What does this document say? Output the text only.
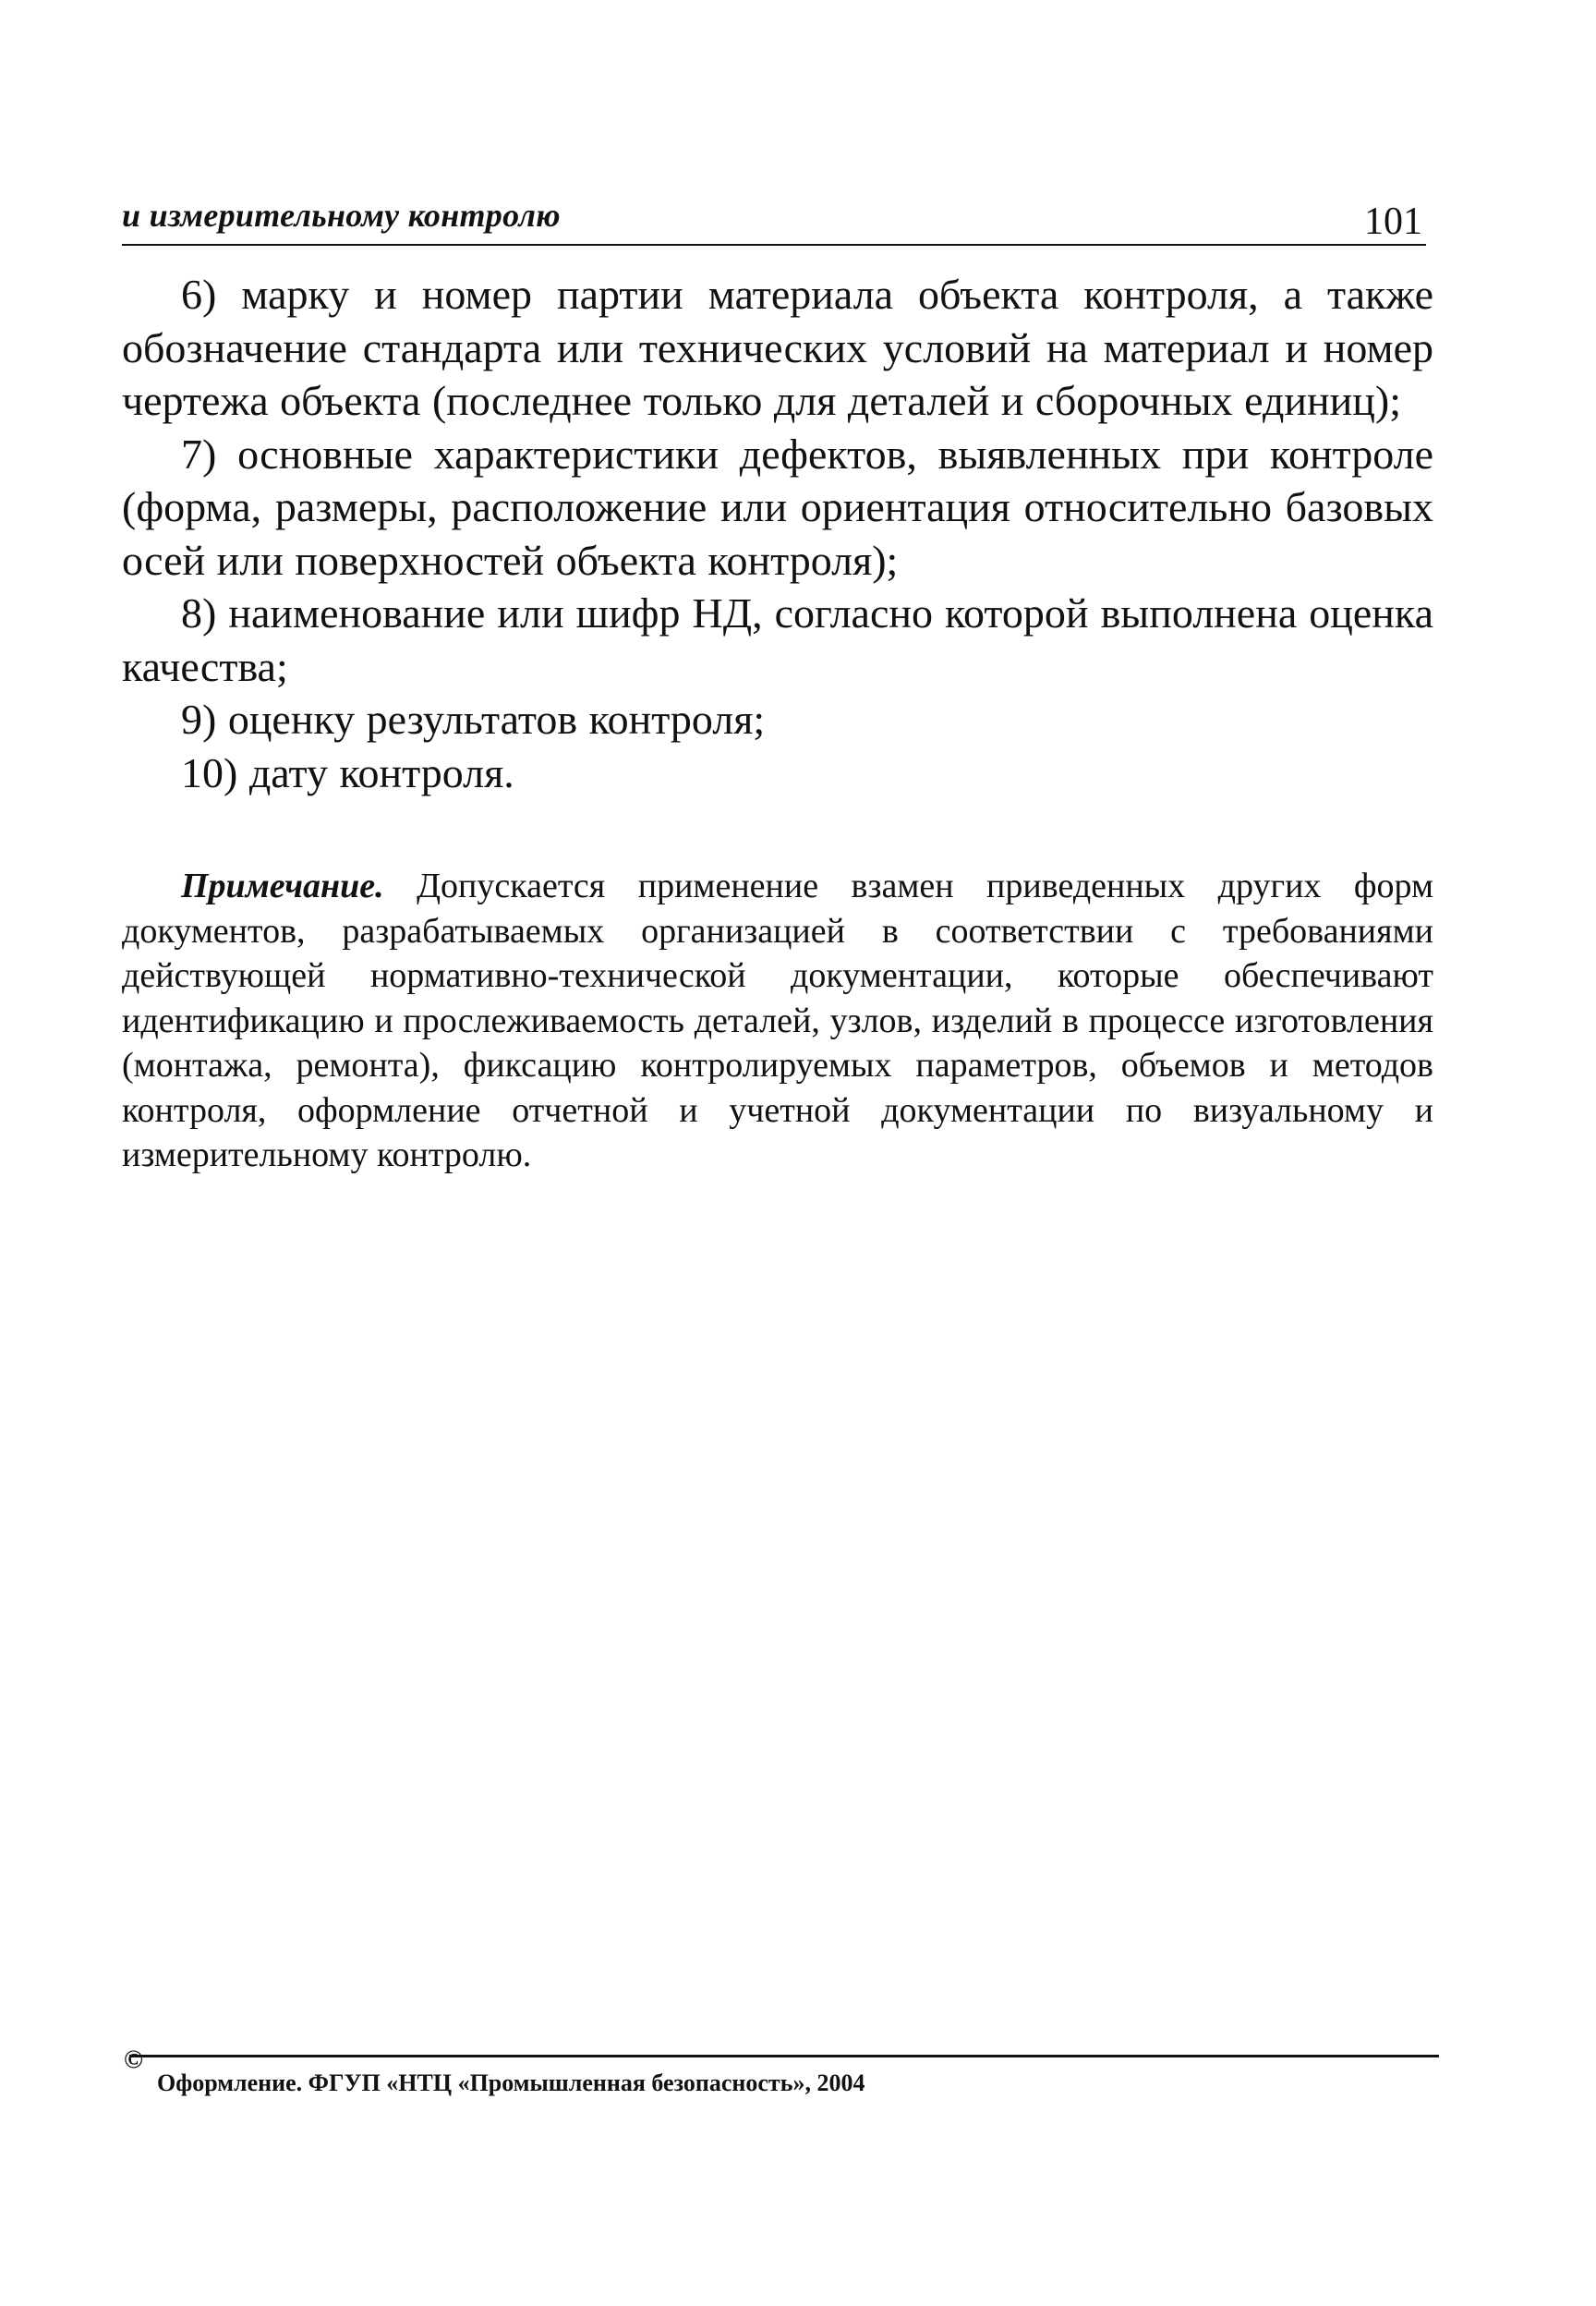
и измерительному контролю	101

6) марку и номер партии материала объекта контроля, а также обозначение стандарта или технических условий на материал и номер чертежа объекта (последнее только для деталей и сборочных единиц);

7) основные характеристики дефектов, выявленных при контроле (форма, размеры, расположение или ориентация относительно базовых осей или поверхностей объекта контроля);

8) наименование или шифр НД, согласно которой выполнена оценка качества;

9) оценку результатов контроля;

10) дату контроля.

Примечание. Допускается применение взамен приведенных других форм документов, разрабатываемых организацией в соответствии с требованиями действующей нормативно-технической документации, которые обеспечивают идентификацию и прослеживаемость деталей, узлов, изделий в процессе изготовления (монтажа, ремонта), фиксацию контролируемых параметров, объемов и методов контроля, оформление отчетной и учетной документации по визуальному и измерительному контролю.

©
Оформление. ФГУП «НТЦ «Промышленная безопасность», 2004
